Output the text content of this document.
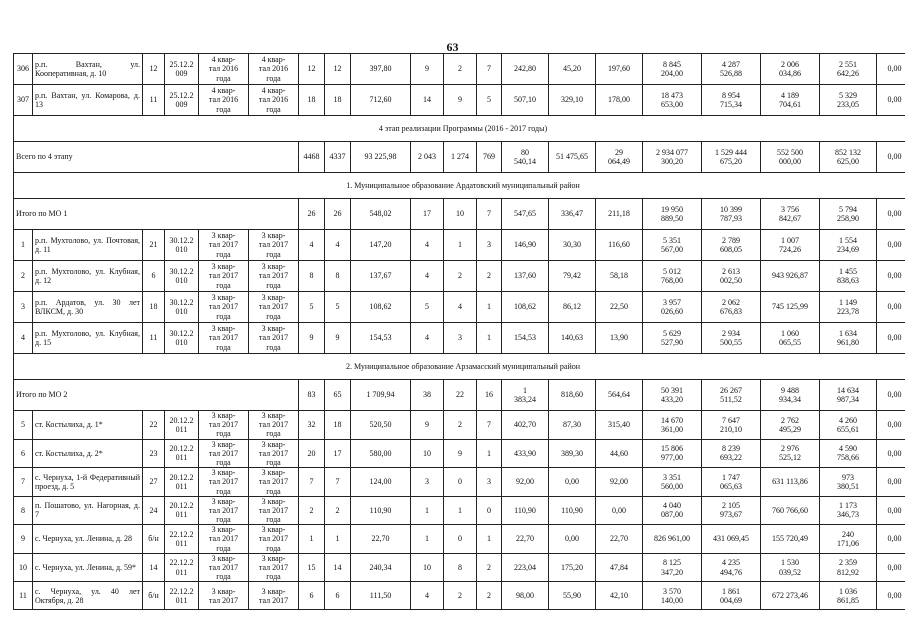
63
306	р.п. Вахтан, ул. Кооперативная, д. 10	12	25.12.2
009	4 квар-
тал 2016
года	4 квар-
тал 2016
года	12	12	397,80	9	2	7	242,80	45,20	197,60	8 845
204,00	4 287
526,88	2 006
034,86	2 551
642,26	0,00
307	р.п. Вахтан, ул. Комарова, д. 13	11	25.12.2
009	4 квар-
тал 2016
года	4 квар-
тал 2016
года	18	18	712,60	14	9	5	507,10	329,10	178,00	18 473
653,00	8 954
715,34	4 189
704,61	5 329
233,05	0,00
4 этап реализации Программы (2016 - 2017 годы)																			
Всего по 4 этапу						4468	4337	93 225,98	2 043	1 274	769	80
540,14	51 475,65	29
064,49	2 934 077
300,20	1 529 444
675,20	552 500
000,00	852 132
625,00	0,00
1. Муниципальное образование Ардатовский муниципальный район																			
Итого по МО 1						26	26	548,02	17	10	7	547,65	336,47	211,18	19 950
889,50	10 399
787,93	3 756
842,67	5 794
258,90	0,00
1	р.п. Мухтолово, ул. Почтовая, д. 11	21	30.12.2
010	3 квар-
тал 2017
года	3 квар-
тал 2017
года	4	4	147,20	4	1	3	146,90	30,30	116,60	5 351
567,00	2 789
608,05	1 007
724,26	1 554
234,69	0,00
2	р.п. Мухтолово, ул. Клубная, д. 12	6	30.12.2
010	3 квар-
тал 2017
года	3 квар-
тал 2017
года	8	8	137,67	4	2	2	137,60	79,42	58,18	5 012
768,00	2 613
002,50	943 926,87	1 455
838,63	0,00
3	р.п. Ардатов, ул. 30 лет ВЛКСМ, д. 30	18	30.12.2
010	3 квар-
тал 2017
года	3 квар-
тал 2017
года	5	5	108,62	5	4	1	108,62	86,12	22,50	3 957
026,60	2 062
676,83	745 125,99	1 149
223,78	0,00
4	р.п. Мухтолово, ул. Клубная, д. 15	11	30.12.2
010	3 квар-
тал 2017
года	3 квар-
тал 2017
года	9	9	154,53	4	3	1	154,53	140,63	13,90	5 629
527,90	2 934
500,55	1 060
065,55	1 634
961,80	0,00
2. Муниципальное образование Арзамасский муниципальный район																			
Итого по МО 2						83	65	1 709,94	38	22	16	1
383,24	818,60	564,64	50 391
433,20	26 267
511,52	9 488
934,34	14 634
987,34	0,00
5	ст. Костылиха, д. 1*	22	20.12.2
011	3 квар-
тал 2017
года	3 квар-
тал 2017
года	32	18	520,50	9	2	7	402,70	87,30	315,40	14 670
361,00	7 647
210,10	2 762
495,29	4 260
655,61	0,00
6	ст. Костылиха, д. 2*	23	20.12.2
011	3 квар-
тал 2017
года	3 квар-
тал 2017
года	20	17	580,00	10	9	1	433,90	389,30	44,60	15 806
977,00	8 239
693,22	2 976
525,12	4 590
758,66	0,00
7	с. Чернуха, 1-й Федеративный проезд, д. 5	27	20.12.2
011	3 квар-
тал 2017
года	3 квар-
тал 2017
года	7	7	124,00	3	0	3	92,00	0,00	92,00	3 351
560,00	1 747
065,63	631 113,86	973
380,51	0,00
8	п. Пошатово, ул. Нагорная, д. 7	24	20.12.2
011	3 квар-
тал 2017
года	3 квар-
тал 2017
года	2	2	110,90	1	1	0	110,90	110,90	0,00	4 040
087,00	2 105
973,67	760 766,60	1 173
346,73	0,00
9	с. Чернуха, ул. Ленина, д. 28	б/н	22.12.2
011	3 квар-
тал 2017
года	3 квар-
тал 2017
года	1	1	22,70	1	0	1	22,70	0,00	22,70	826 961,00	431 069,45	155 720,49	240
171,06	0,00
10	с. Чернуха, ул. Ленина, д. 59*	14	22.12.2
011	3 квар-
тал 2017
года	3 квар-
тал 2017
года	15	14	240,34	10	8	2	223,04	175,20	47,84	8 125
347,20	4 235
494,76	1 530
039,52	2 359
812,92	0,00
11	с. Чернуха, ул. 40 лет Октября, д. 28	б/н	22.12.2
011	3 квар-
тал 2017	3 квар-
тал 2017	6	6	111,50	4	2	2	98,00	55,90	42,10	3 570
140,00	1 861
004,69	672 273,46	1 036
861,85	0,00
